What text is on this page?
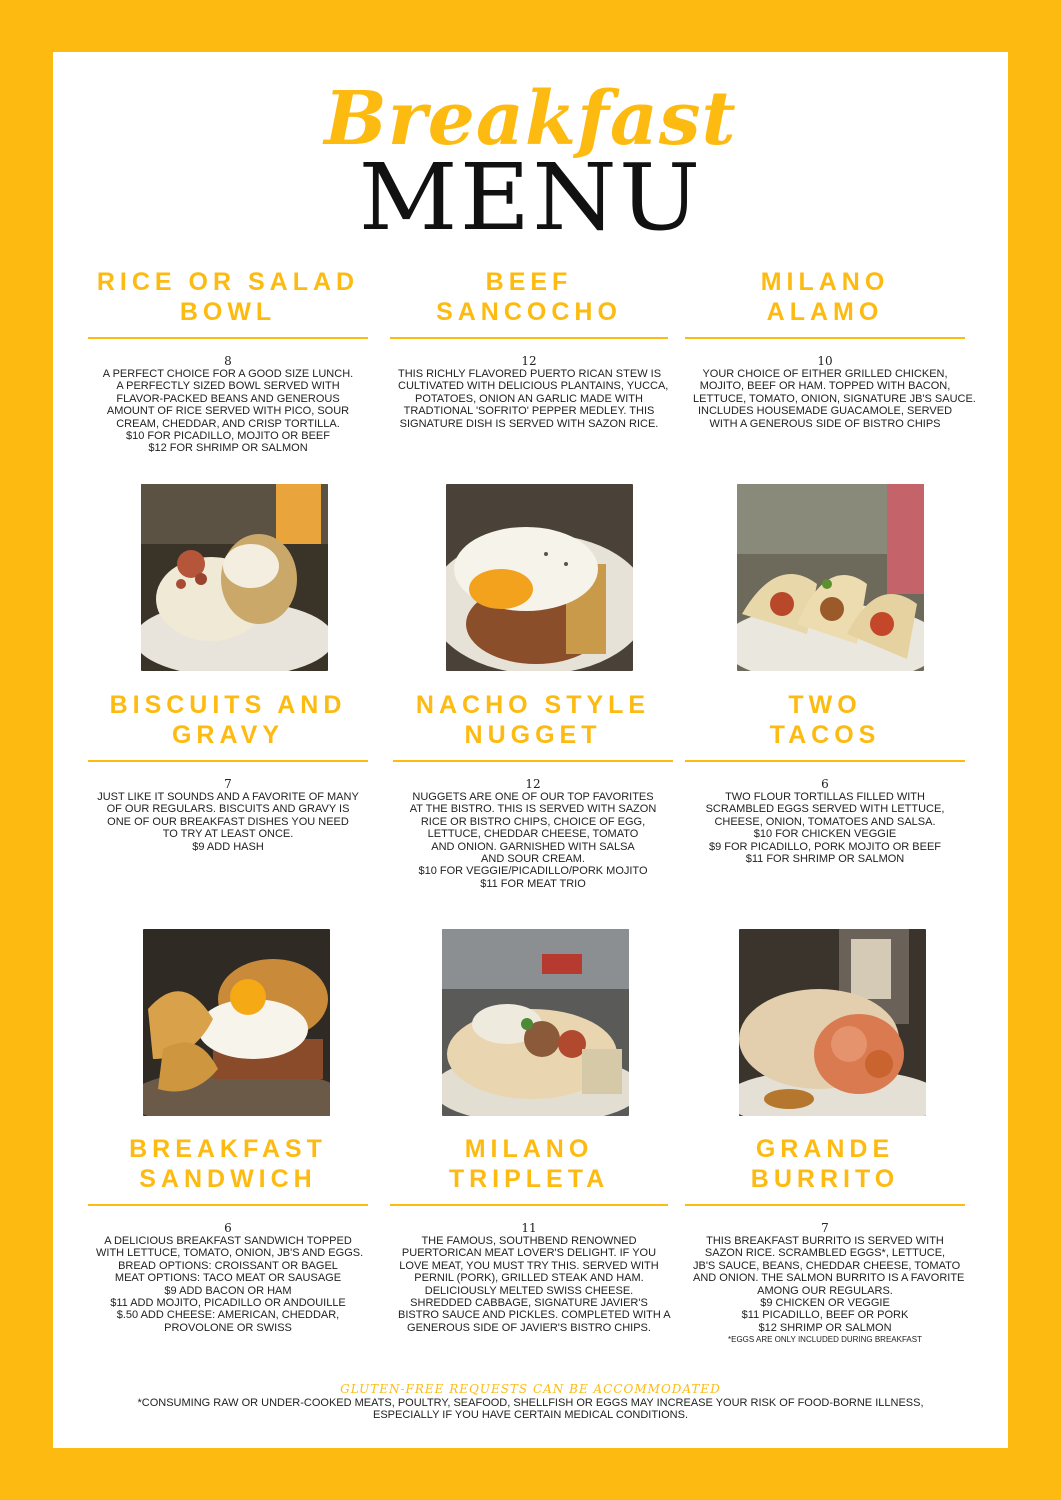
Breakfast
MENU
RICE OR SALAD
BOWL
8
A PERFECT CHOICE FOR A GOOD SIZE LUNCH.
A PERFECTLY SIZED BOWL SERVED WITH
FLAVOR-PACKED BEANS AND GENEROUS
AMOUNT OF RICE SERVED WITH PICO, SOUR
CREAM, CHEDDAR, AND CRISP TORTILLA.
$10 FOR PICADILLO, MOJITO OR BEEF
$12 FOR SHRIMP OR SALMON
BEEF
SANCOCHO
12
THIS RICHLY FLAVORED PUERTO RICAN STEW IS
CULTIVATED WITH DELICIOUS PLANTAINS, YUCCA,
POTATOES, ONION AN GARLIC MADE WITH
TRADTIONAL 'SOFRITO' PEPPER MEDLEY. THIS
SIGNATURE DISH IS SERVED WITH SAZON RICE.
MILANO
ALAMO
10
YOUR CHOICE OF EITHER GRILLED CHICKEN,
MOJITO, BEEF OR HAM. TOPPED WITH BACON,
LETTUCE, TOMATO, ONION, SIGNATURE JB'S SAUCE.
INCLUDES HOUSEMADE GUACAMOLE, SERVED
WITH A GENEROUS SIDE OF BISTRO CHIPS
BISCUITS AND
GRAVY
7
JUST LIKE IT SOUNDS AND A FAVORITE OF MANY
OF OUR REGULARS. BISCUITS AND GRAVY IS
ONE OF OUR BREAKFAST DISHES YOU NEED
TO TRY AT LEAST ONCE.
$9 ADD HASH
NACHO STYLE
NUGGET
12
NUGGETS ARE ONE OF OUR TOP FAVORITES
AT THE BISTRO. THIS IS SERVED WITH SAZON
RICE OR BISTRO CHIPS, CHOICE OF EGG,
LETTUCE, CHEDDAR CHEESE, TOMATO
AND ONION. GARNISHED WITH SALSA
AND SOUR CREAM.
$10 FOR VEGGIE/PICADILLO/PORK MOJITO
$11 FOR MEAT TRIO
TWO
TACOS
6
TWO FLOUR TORTILLAS FILLED WITH
SCRAMBLED EGGS SERVED WITH LETTUCE,
CHEESE, ONION, TOMATOES AND SALSA.
$10 FOR CHICKEN VEGGIE
$9 FOR PICADILLO, PORK MOJITO OR BEEF
$11 FOR SHRIMP OR SALMON
BREAKFAST
SANDWICH
6
A DELICIOUS BREAKFAST SANDWICH TOPPED
WITH LETTUCE, TOMATO, ONION, JB'S AND EGGS.
BREAD OPTIONS: CROISSANT OR BAGEL
MEAT OPTIONS: TACO MEAT OR SAUSAGE
$9 ADD BACON OR HAM
$11 ADD MOJITO, PICADILLO OR ANDOUILLE
$.50 ADD CHEESE: AMERICAN, CHEDDAR,
PROVOLONE OR SWISS
MILANO
TRIPLETA
11
THE FAMOUS, SOUTHBEND RENOWNED
PUERTORICAN MEAT LOVER'S DELIGHT. IF YOU
LOVE MEAT, YOU MUST TRY THIS. SERVED WITH
PERNIL (PORK), GRILLED STEAK AND HAM.
DELICIOUSLY MELTED SWISS CHEESE.
SHREDDED CABBAGE, SIGNATURE JAVIER'S
BISTRO SAUCE AND PICKLES. COMPLETED WITH A
GENEROUS SIDE OF JAVIER'S BISTRO CHIPS.
GRANDE
BURRITO
7
THIS BREAKFAST BURRITO IS SERVED WITH
SAZON RICE. SCRAMBLED EGGS*, LETTUCE,
JB'S SAUCE, BEANS, CHEDDAR CHEESE, TOMATO
AND ONION. THE SALMON BURRITO IS A FAVORITE
AMONG OUR REGULARS.
$9 CHICKEN OR VEGGIE
$11 PICADILLO, BEEF OR PORK
$12 SHRIMP OR SALMON
*EGGS ARE ONLY INCLUDED DURING BREAKFAST
GLUTEN-FREE REQUESTS CAN BE ACCOMMODATED
*CONSUMING RAW OR UNDER-COOKED MEATS, POULTRY, SEAFOOD, SHELLFISH OR EGGS MAY INCREASE YOUR RISK OF FOOD-BORNE ILLNESS,
ESPECIALLY IF YOU HAVE CERTAIN MEDICAL CONDITIONS.
